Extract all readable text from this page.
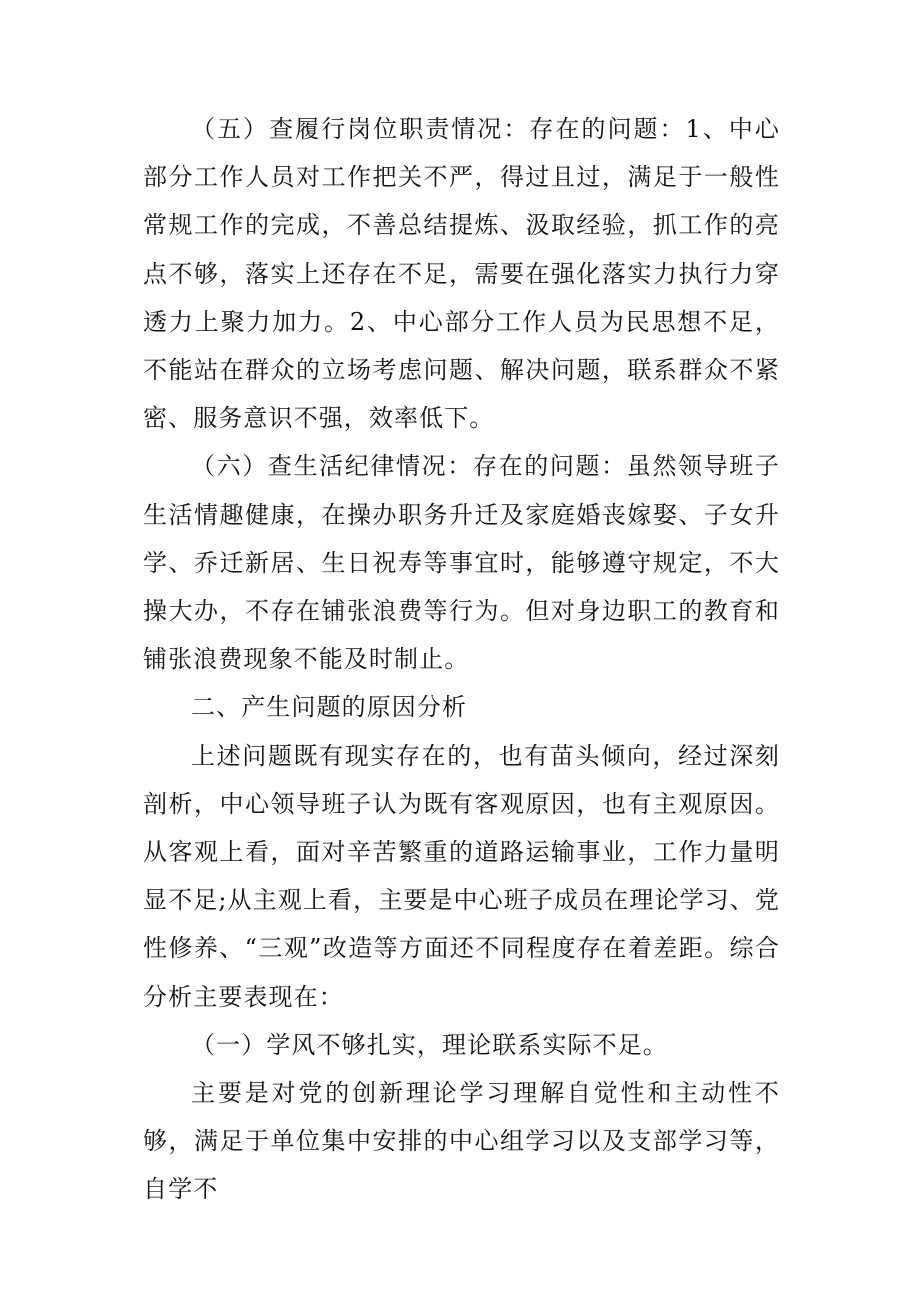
（五）查履行岗位职责情况：存在的问题：1、中心部分工作人员对工作把关不严，得过且过，满足于一般性常规工作的完成，不善总结提炼、汲取经验，抓工作的亮点不够，落实上还存在不足，需要在强化落实力执行力穿透力上聚力加力。2、中心部分工作人员为民思想不足，不能站在群众的立场考虑问题、解决问题，联系群众不紧密、服务意识不强，效率低下。

（六）查生活纪律情况：存在的问题：虽然领导班子生活情趣健康，在操办职务升迁及家庭婚丧嫁娶、子女升学、乔迁新居、生日祝寿等事宜时，能够遵守规定，不大操大办，不存在铺张浪费等行为。但对身边职工的教育和铺张浪费现象不能及时制止。

二、产生问题的原因分析

上述问题既有现实存在的，也有苗头倾向，经过深刻剖析，中心领导班子认为既有客观原因，也有主观原因。从客观上看，面对辛苦繁重的道路运输事业，工作力量明显不足;从主观上看，主要是中心班子成员在理论学习、党性修养、“三观”改造等方面还不同程度存在着差距。综合分析主要表现在：

（一）学风不够扎实，理论联系实际不足。

主要是对党的创新理论学习理解自觉性和主动性不够，满足于单位集中安排的中心组学习以及支部学习等，自学不
